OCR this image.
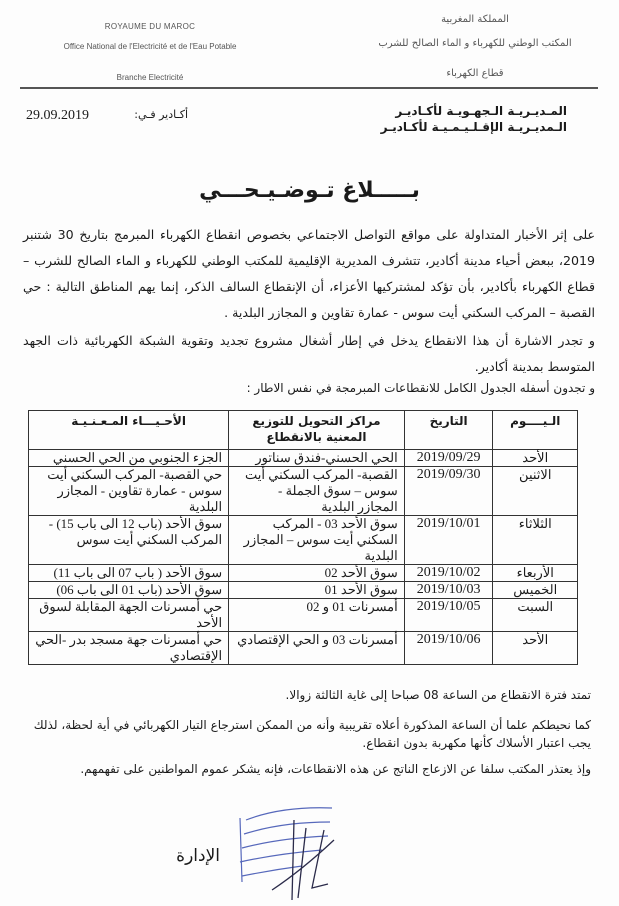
ROYAUME DU MAROC
Office National de l'Electricité et de l'Eau Potable
Branche Electricité
المملكة المغربية
المكتب الوطني للكهرباء و الماء الصالح للشرب
قطاع الكهرباء
29.09.2019	أكـادير فـي:	المـديـريـة الـجهـويـة لأكـاديـر
الـمديـريـة الإقـلـيـمـيـة لأكـاديـر
بـــــلاغ تـوضـيـحـــي
على إثر الأخبار المتداولة على مواقع التواصل الاجتماعي بخصوص انقطاع الكهرباء المبرمج بتاريخ 30 شتنبر 2019، ببعض أحياء مدينة أكادير، تتشرف المديرية الإقليمية للمكتب الوطني للكهرباء و الماء الصالح للشرب – قطاع الكهرباء بأكادير، بأن تؤكد لمشتركيها الأعزاء، أن الإنقطاع السالف الذكر، إنما يهم المناطق التالية : حي القصبة – المركب السكني أيت سوس - عمارة تقاوين و المجازر البلدية .
و تجدر الاشارة أن هذا الانقطاع يدخل في إطار أشغال مشروع تجديد وتقوية الشبكة الكهربائية ذات الجهد المتوسط بمدينة أكادير.
و تجدون أسفله الجدول الكامل للانقطاعات المبرمجة في نفس الاطار :
الـيــــوم	التاريخ	مراكز التحويل للتوزيع المعنية بالانقطاع	الأحـيـــاء المـعـنـيـة
الأحد	2019/09/29	الحي الحسني-فندق سناتور	الجزء الجنوبي من الحي الحسني
الاثنين	2019/09/30	القصبة- المركب السكني أيت سوس – سوق الجملة - المجازر البلدية	حي القصبة- المركب السكني أيت سوس - عمارة تقاوين - المجازر البلدية
الثلاثاء	2019/10/01	سوق الأحد 03 - المركب السكني أيت سوس – المجازر البلدية	سوق الأحد (باب 12 الى باب 15) - المركب السكني أيت سوس
الأربعاء	2019/10/02	سوق الأحد 02	سوق الأحد ( باب 07 الى باب 11)
الخميس	2019/10/03	سوق الأحد 01	سوق الأحد (باب 01 الى باب 06)
السبت	2019/10/05	أمسرنات 01 و 02	حي أمسرنات الجهة المقابلة لسوق الأحد
الأحد	2019/10/06	أمسرنات 03 و الحي الإقتصادي	حي أمسرنات جهة مسجد بدر -الحي الإقتصادي
تمتد فترة الانقطاع من الساعة 08 صباحا إلى غاية الثالثة زوالا.
كما نحيطكم علما أن الساعة المذكورة أعلاه تقريبية وأنه من الممكن استرجاع التيار الكهربائي في أية لحظة، لذلك يجب اعتبار الأسلاك كأنها مكهربة بدون انقطاع.
وإذ يعتذر المكتب سلفا عن الازعاج الناتج عن هذه الانقطاعات، فإنه يشكر عموم المواطنين على تفهمهم.
الإدارة
